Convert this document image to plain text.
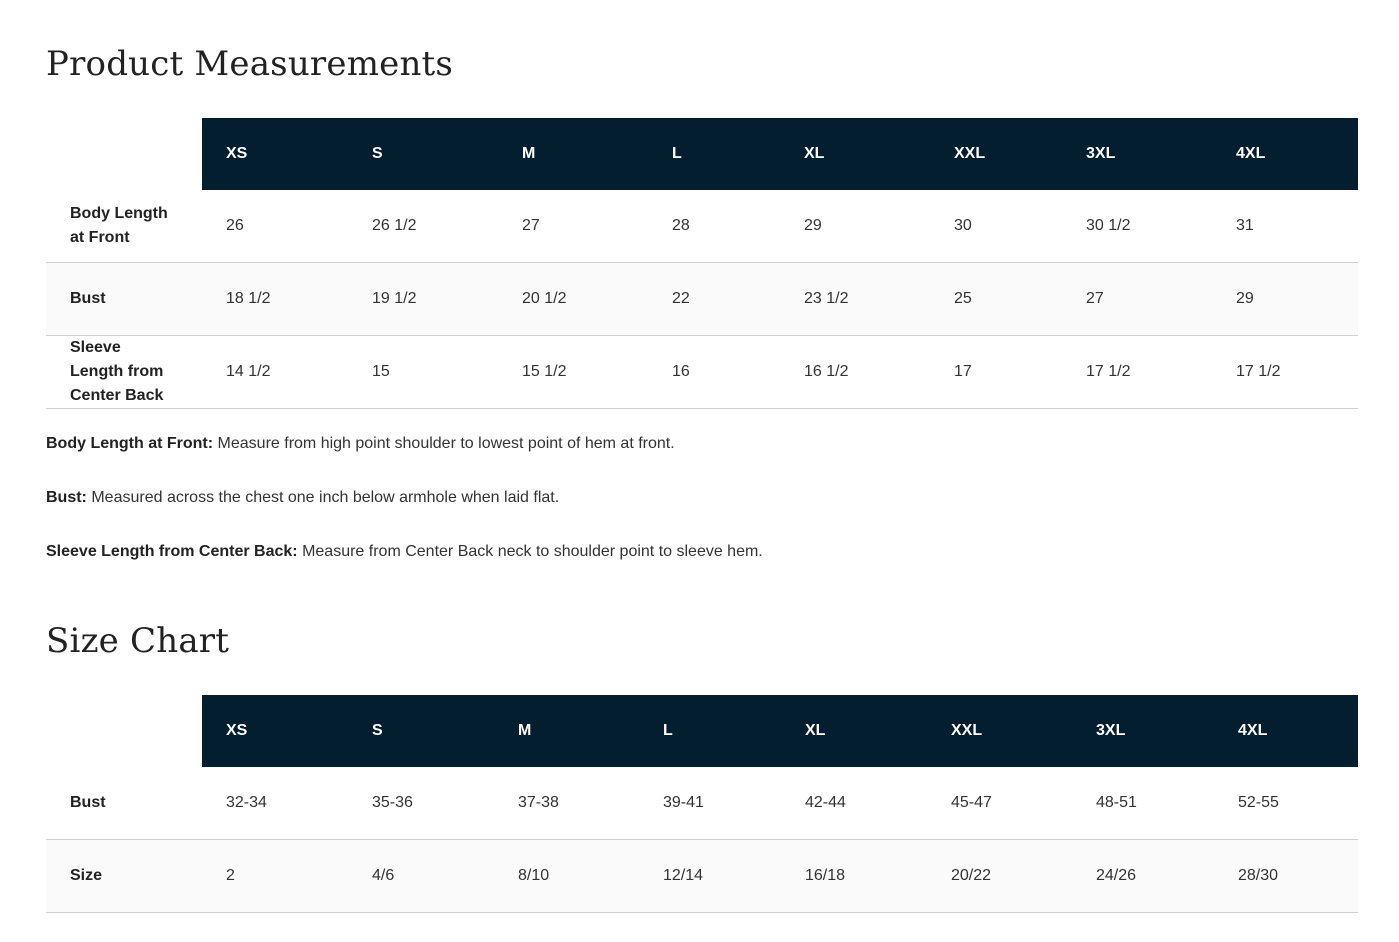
Product Measurements
	XS	S	M	L	XL	XXL	3XL	4XL
Body Length at Front	26	26 1/2	27	28	29	30	30 1/2	31
Bust	18 1/2	19 1/2	20 1/2	22	23 1/2	25	27	29
Sleeve Length from Center Back	14 1/2	15	15 1/2	16	16 1/2	17	17 1/2	17 1/2

Body Length at Front: Measure from high point shoulder to lowest point of hem at front.

Bust: Measured across the chest one inch below armhole when laid flat.

Sleeve Length from Center Back: Measure from Center Back neck to shoulder point to sleeve hem.

Size Chart
	XS	S	M	L	XL	XXL	3XL	4XL
Bust	32-34	35-36	37-38	39-41	42-44	45-47	48-51	52-55
Size	2	4/6	8/10	12/14	16/18	20/22	24/26	28/30
